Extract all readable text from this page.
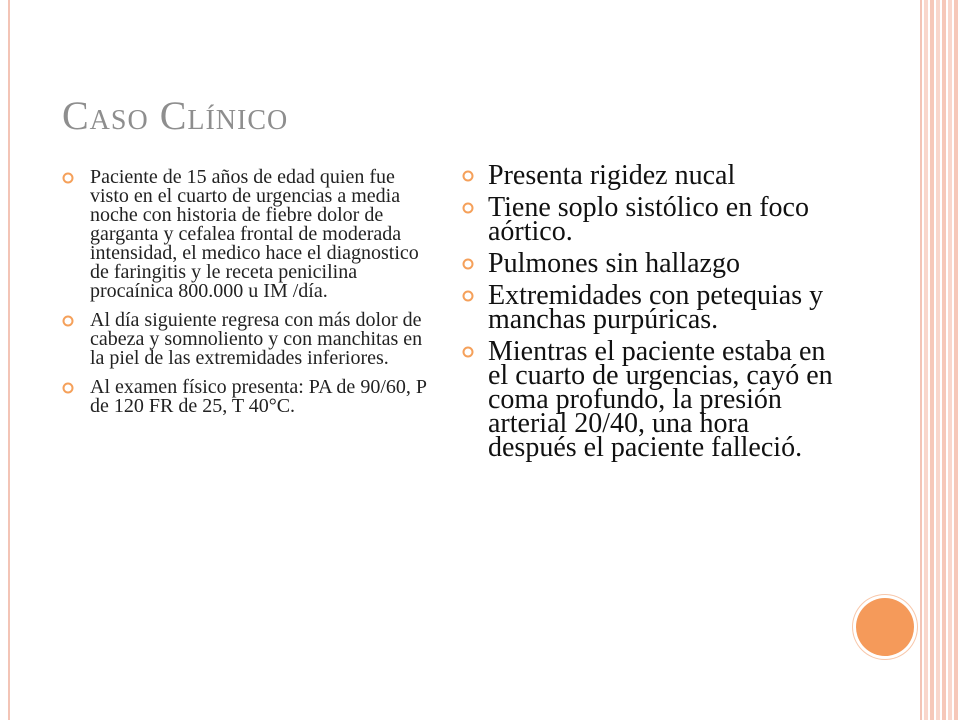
Caso Clínico
Paciente de 15 años de edad quien fue visto en el cuarto de urgencias a media noche con historia de fiebre dolor de garganta y cefalea frontal de moderada intensidad, el medico hace el diagnostico de faringitis y le receta penicilina procaínica 800.000 u IM /día.
Al día siguiente regresa con más dolor de cabeza y somnoliento y con manchitas en la piel de las extremidades inferiores.
Al examen físico presenta: PA de 90/60, P de 120 FR de 25, T 40°C.
Presenta rigidez nucal
Tiene soplo sistólico en foco aórtico.
Pulmones sin hallazgo
Extremidades con petequias y manchas purpúricas.
Mientras el paciente estaba en el cuarto de urgencias, cayó en coma profundo, la presión arterial 20/40, una hora después el paciente falleció.
